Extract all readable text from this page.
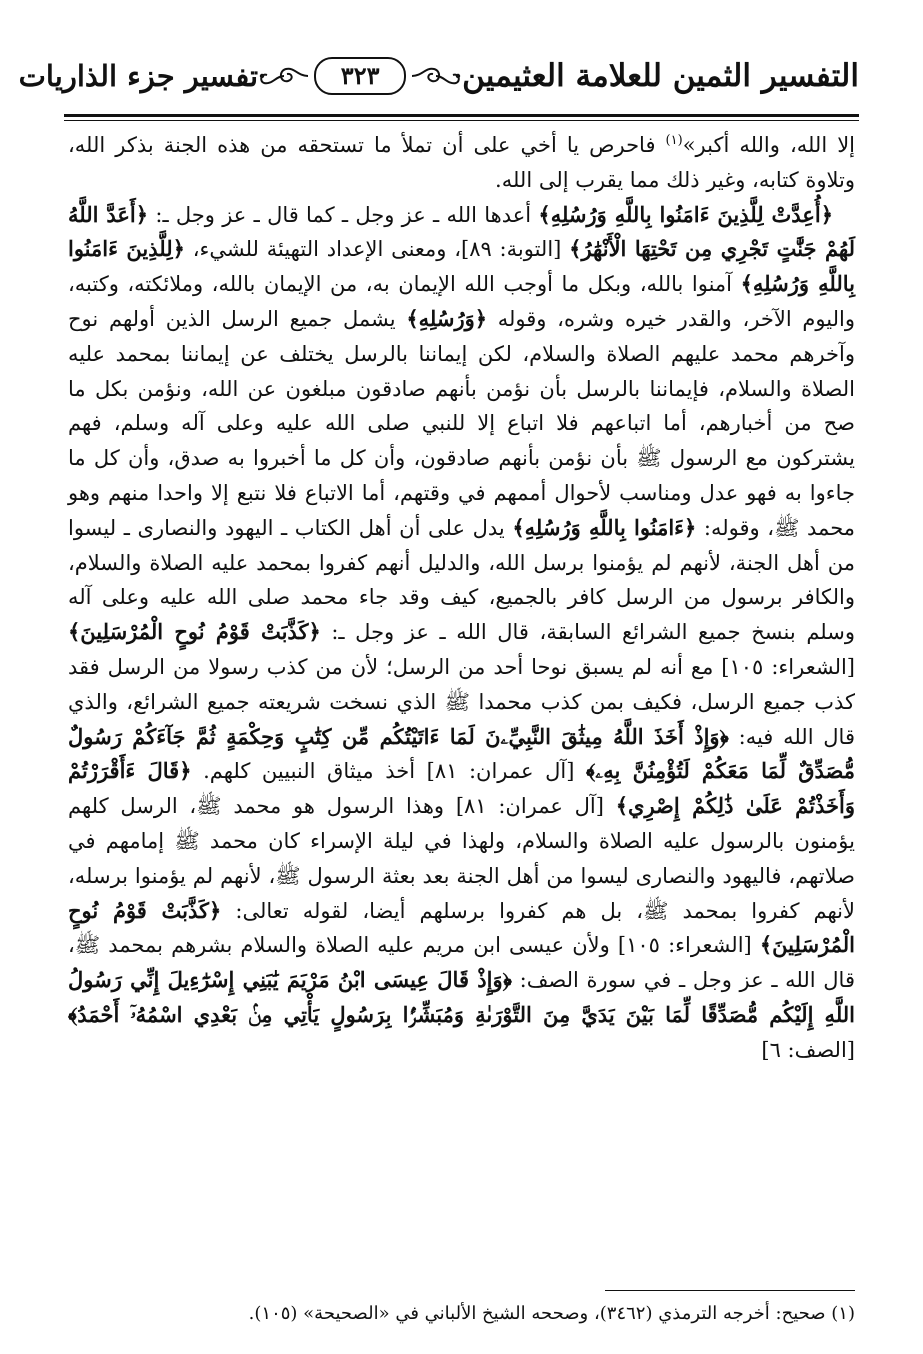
التفسير الثمين للعلامة العثيمين
٣٢٣
تفسير جزء الذاريات

إلا الله، والله أكبر»$^{(١)}$ فاحرص يا أخي على أن تملأ ما تستحقه من هذه الجنة بذكر الله، وتلاوة كتابه، وغير ذلك مما يقرب إلى الله.

﴿أُعِدَّتْ لِلَّذِينَ ءَامَنُوا بِاللَّهِ وَرُسُلِهِ﴾ أعدها الله ـ عز وجل ـ كما قال ـ عز وجل ـ: ﴿أَعَدَّ اللَّهُ لَهُمْ جَنَّٰتٍ تَجْرِي مِن تَحْتِهَا الْأَنْهَٰرُ﴾ [التوبة: ٨٩]، ومعنى الإعداد التهيئة للشيء، ﴿لِلَّذِينَ ءَامَنُوا بِاللَّهِ وَرُسُلِهِ﴾ آمنوا بالله، وبكل ما أوجب الله الإيمان به، من الإيمان بالله، وملائكته، وكتبه، واليوم الآخر، والقدر خيره وشره، وقوله ﴿وَرُسُلِهِ﴾ يشمل جميع الرسل الذين أولهم نوح وآخرهم محمد عليهم الصلاة والسلام، لكن إيماننا بالرسل يختلف عن إيماننا بمحمد عليه الصلاة والسلام، فإيماننا بالرسل بأن نؤمن بأنهم صادقون مبلغون عن الله، ونؤمن بكل ما صح من أخبارهم، أما اتباعهم فلا اتباع إلا للنبي صلى الله عليه وعلى آله وسلم، فهم يشتركون مع الرسول ﷺ بأن نؤمن بأنهم صادقون، وأن كل ما أخبروا به صدق، وأن كل ما جاءوا به فهو عدل ومناسب لأحوال أممهم في وقتهم، أما الاتباع فلا نتبع إلا واحدا منهم وهو محمد ﷺ، وقوله: ﴿ءَامَنُوا بِاللَّهِ وَرُسُلِهِ﴾ يدل على أن أهل الكتاب ـ اليهود والنصارى ـ ليسوا من أهل الجنة، لأنهم لم يؤمنوا برسل الله، والدليل أنهم كفروا بمحمد عليه الصلاة والسلام، والكافر برسول من الرسل كافر بالجميع، كيف وقد جاء محمد صلى الله عليه وعلى آله وسلم بنسخ جميع الشرائع السابقة، قال الله ـ عز وجل ـ: ﴿كَذَّبَتْ قَوْمُ نُوحٍ الْمُرْسَلِينَ﴾ [الشعراء: ١٠٥] مع أنه لم يسبق نوحا أحد من الرسل؛ لأن من كذب رسولا من الرسل فقد كذب جميع الرسل، فكيف بمن كذب محمدا ﷺ الذي نسخت شريعته جميع الشرائع، والذي قال الله فيه: ﴿وَإِذْ أَخَذَ اللَّهُ مِيثَٰقَ النَّبِيِّۦنَ لَمَا ءَاتَيْتُكُم مِّن كِتَٰبٍ وَحِكْمَةٍ ثُمَّ جَآءَكُمْ رَسُولٌ مُّصَدِّقٌ لِّمَا مَعَكُمْ لَتُؤْمِنُنَّ بِهِۦ﴾ [آل عمران: ٨١] أخذ ميثاق النبيين كلهم. ﴿قَالَ ءَأَقْرَرْتُمْ وَأَخَذْتُمْ عَلَىٰ ذَٰلِكُمْ إِصْرِي﴾ [آل عمران: ٨١] وهذا الرسول هو محمد ﷺ، الرسل كلهم يؤمنون بالرسول عليه الصلاة والسلام، ولهذا في ليلة الإسراء كان محمد ﷺ إمامهم في صلاتهم، فاليهود والنصارى ليسوا من أهل الجنة بعد بعثة الرسول ﷺ، لأنهم لم يؤمنوا برسله، لأنهم كفروا بمحمد ﷺ، بل هم كفروا برسلهم أيضا، لقوله تعالى: ﴿كَذَّبَتْ قَوْمُ نُوحٍ الْمُرْسَلِينَ﴾ [الشعراء: ١٠٥] ولأن عيسى ابن مريم عليه الصلاة والسلام بشرهم بمحمد ﷺ، قال الله ـ عز وجل ـ في سورة الصف: ﴿وَإِذْ قَالَ عِيسَى ابْنُ مَرْيَمَ يَٰبَنِي إِسْرَٰٓءِيلَ إِنِّي رَسُولُ اللَّهِ إِلَيْكُم مُّصَدِّقًا لِّمَا بَيْنَ يَدَيَّ مِنَ التَّوْرَىٰةِ وَمُبَشِّرًۢا بِرَسُولٍ يَأْتِي مِنۢ بَعْدِي اسْمُهُۥٓ أَحْمَدُ﴾ [الصف: ٦]

(١) صحيح: أخرجه الترمذي (٣٤٦٢)، وصححه الشيخ الألباني في «الصحيحة» (١٠٥).
